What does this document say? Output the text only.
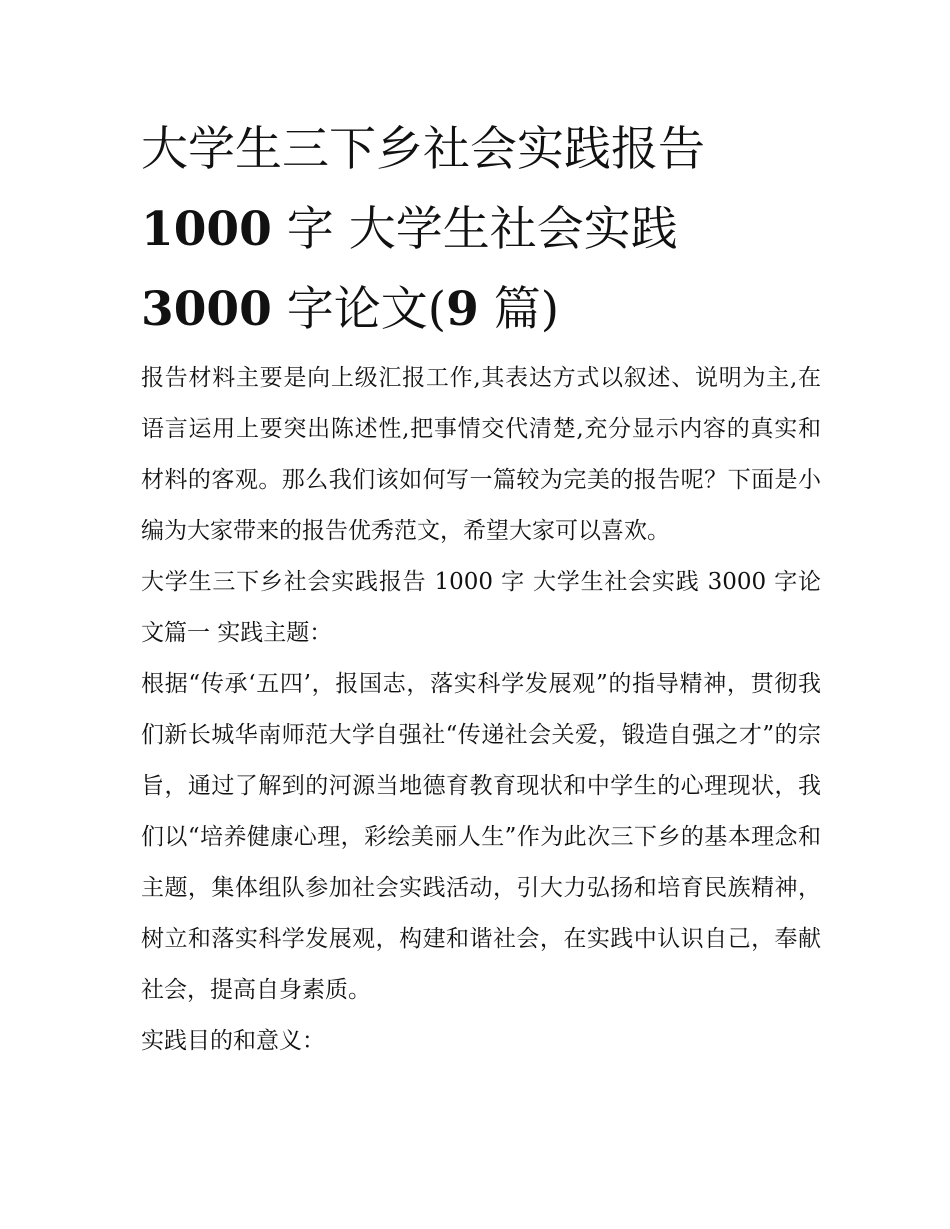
大学生三下乡社会实践报告 1000 字 大学生社会实践 3000 字论文(9 篇)

报告材料主要是向上级汇报工作,其表达方式以叙述、说明为主,在语言运用上要突出陈述性,把事情交代清楚,充分显示内容的真实和材料的客观。那么我们该如何写一篇较为完美的报告呢？下面是小编为大家带来的报告优秀范文，希望大家可以喜欢。

大学生三下乡社会实践报告 1000 字 大学生社会实践 3000 字论文篇一 实践主题：

根据“传承‘五四’，报国志，落实科学发展观”的指导精神，贯彻我们新长城华南师范大学自强社“传递社会关爱，锻造自强之才”的宗旨，通过了解到的河源当地德育教育现状和中学生的心理现状，我们以“培养健康心理，彩绘美丽人生”作为此次三下乡的基本理念和主题，集体组队参加社会实践活动，引大力弘扬和培育民族精神，树立和落实科学发展观，构建和谐社会，在实践中认识自己，奉献社会，提高自身素质。

实践目的和意义：
